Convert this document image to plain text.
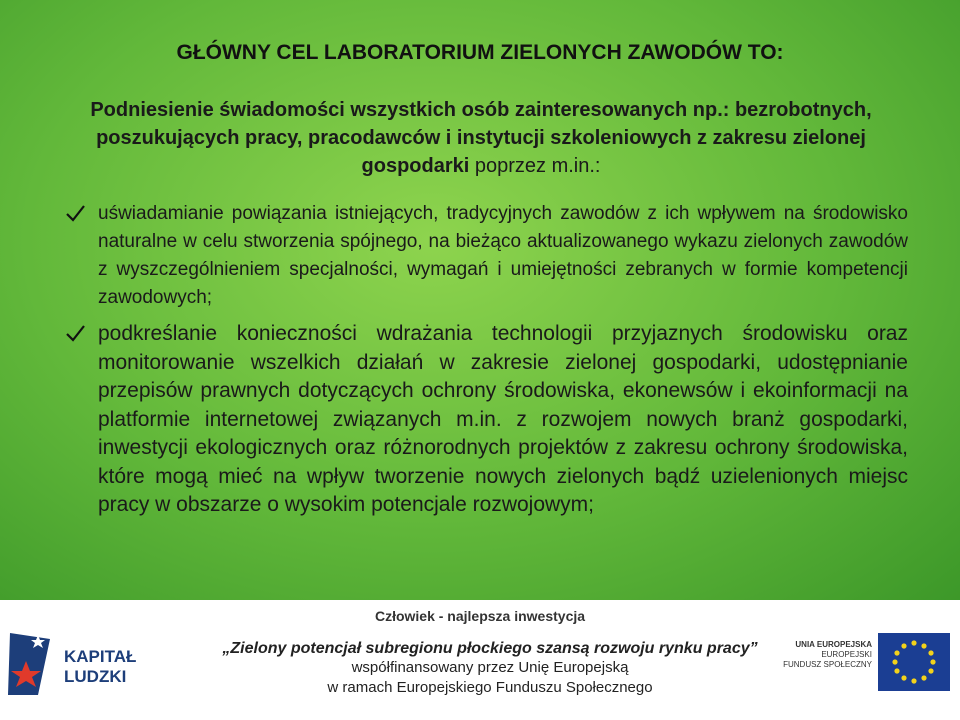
GŁÓWNY CEL LABORATORIUM ZIELONYCH ZAWODÓW TO:
Podniesienie świadomości wszystkich osób zainteresowanych np.: bezrobotnych, poszukujących pracy, pracodawców i instytucji szkoleniowych z zakresu zielonej gospodarki poprzez m.in.:
uświadamianie powiązania istniejących, tradycyjnych zawodów z ich wpływem na środowisko naturalne w celu stworzenia spójnego, na bieżąco aktualizowanego wykazu zielonych zawodów z wyszczególnieniem specjalności, wymagań i umiejętności zebranych w formie kompetencji zawodowych;
podkreślanie konieczności wdrażania technologii przyjaznych środowisku oraz monitorowanie wszelkich działań w zakresie zielonej gospodarki, udostępnianie przepisów prawnych dotyczących ochrony środowiska, ekonewsów i ekoinformacji na platformie internetowej związanych m.in. z rozwojem nowych branż gospodarki, inwestycji ekologicznych oraz różnorodnych projektów z zakresu ochrony środowiska, które mogą mieć na wpływ tworzenie nowych zielonych bądź uzielenionych miejsc pracy w obszarze o wysokim potencjale rozwojowym;
Człowiek - najlepsza inwestycja
KAPITAŁ LUDZKI
„Zielony potencjał subregionu płockiego szansą rozwoju rynku pracy”
współfinansowany przez Unię Europejską
w ramach Europejskiego Funduszu Społecznego
UNIA EUROPEJSKA
EUROPEJSKI
FUNDUSZ SPOŁECZNY
